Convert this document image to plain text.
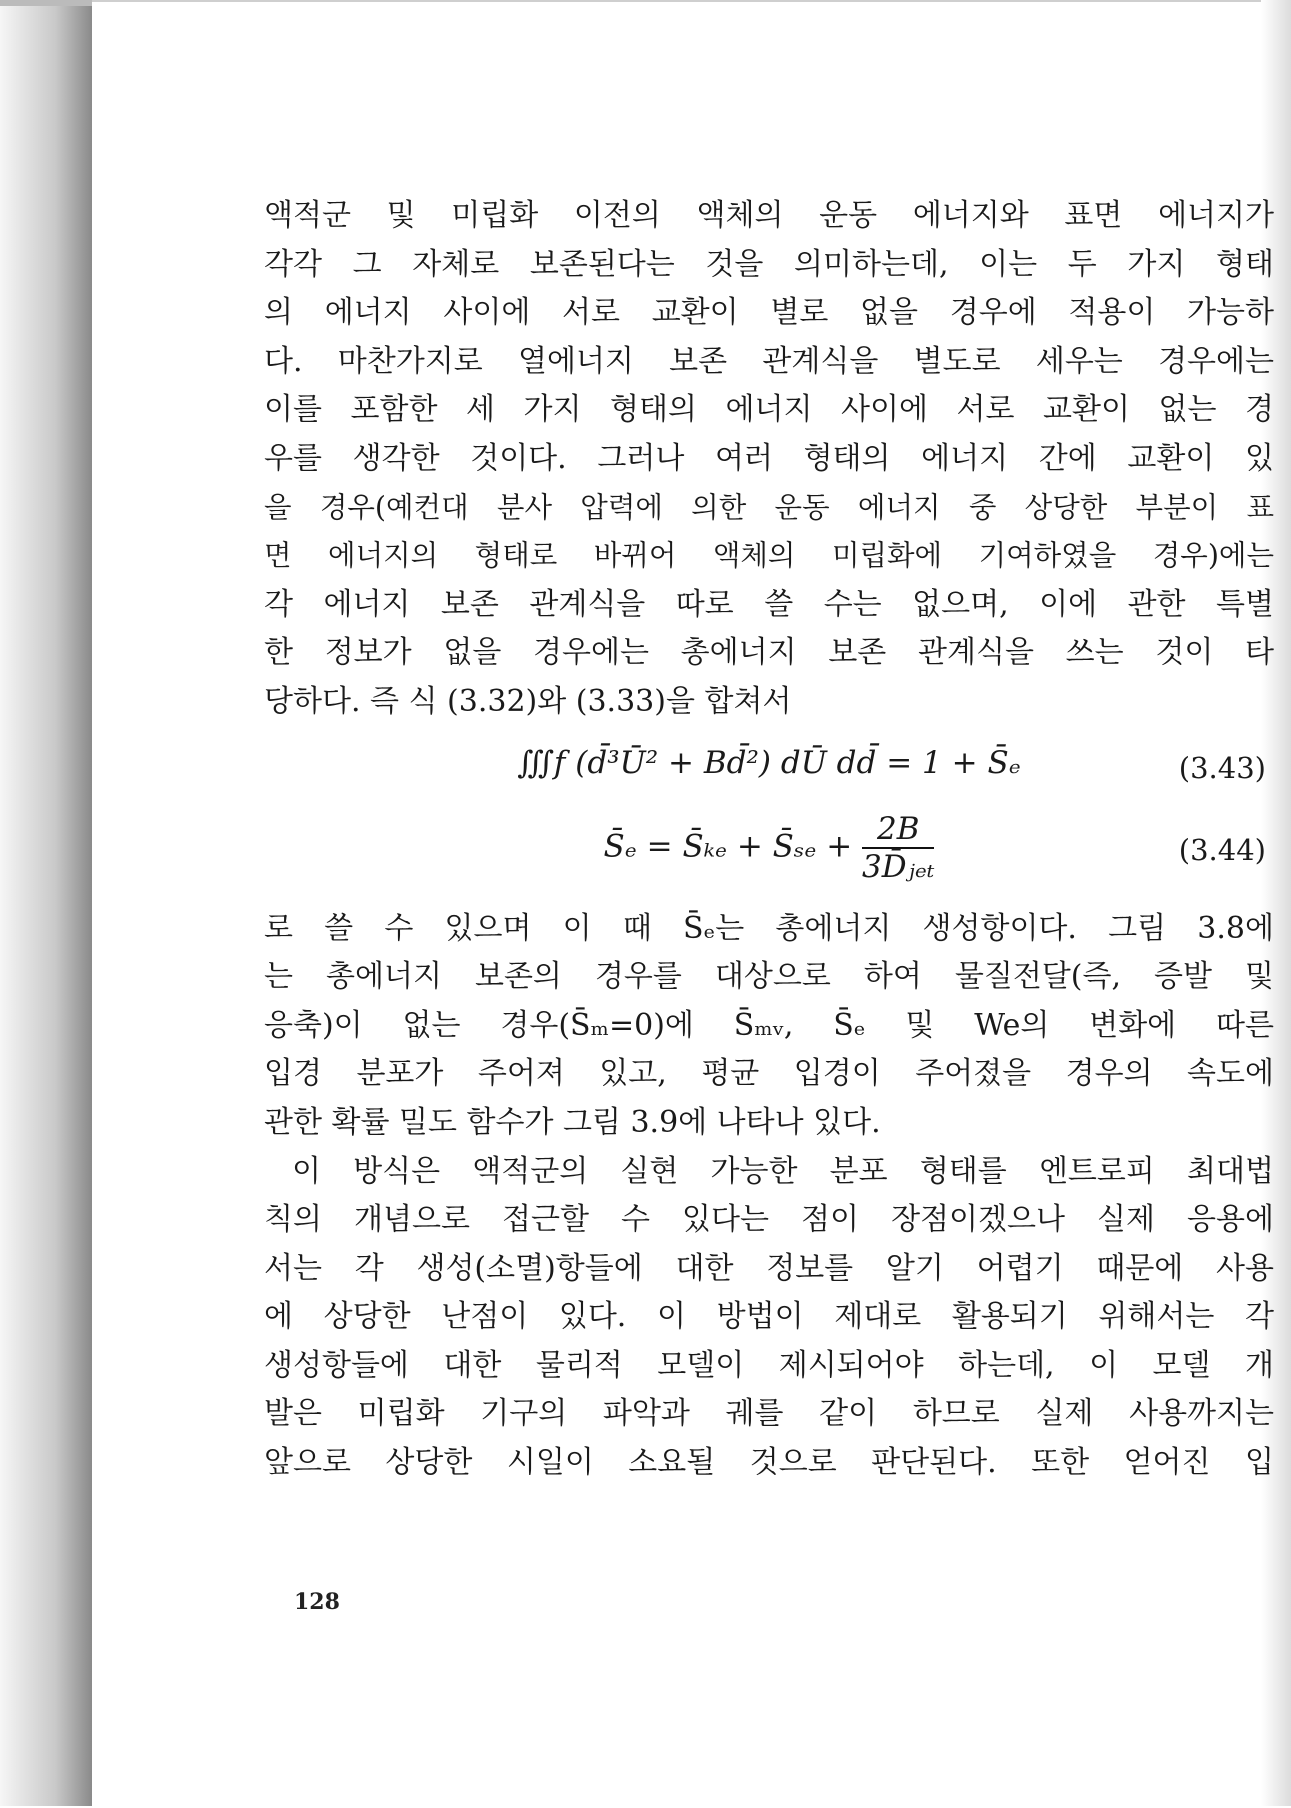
액적군 및 미립화 이전의 액체의 운동 에너지와 표면 에너지가
각각 그 자체로 보존된다는 것을 의미하는데, 이는 두 가지 형태
의 에너지 사이에 서로 교환이 별로 없을 경우에 적용이 가능하
다. 마찬가지로 열에너지 보존 관계식을 별도로 세우는 경우에는
이를 포함한 세 가지 형태의 에너지 사이에 서로 교환이 없는 경
우를 생각한 것이다. 그러나 여러 형태의 에너지 간에 교환이 있
을 경우(예컨대 분사 압력에 의한 운동 에너지 중 상당한 부분이 표
면 에너지의 형태로 바뀌어 액체의 미립화에 기여하였을 경우)에는
각 에너지 보존 관계식을 따로 쓸 수는 없으며, 이에 관한 특별
한 정보가 없을 경우에는 총에너지 보존 관계식을 쓰는 것이 타
당하다. 즉 식 (3.32)와 (3.33)을 합쳐서
∭f (d̄³Ū² + Bd̄²) dŪ dd̄ = 1 + S̄ₑ	(3.43)
S̄ₑ = S̄ₖₑ + S̄ₛₑ + $\frac{2B}{\text{3D̄ⱼₑₜ}}$	(3.44)
로 쓸 수 있으며 이 때 S̄ₑ는 총에너지 생성항이다. 그림 3.8에
는 총에너지 보존의 경우를 대상으로 하여 물질전달(즉, 증발 및
응축)이 없는 경우(S̄ₘ=0)에 S̄ₘᵥ, S̄ₑ 및 We의 변화에 따른
입경 분포가 주어져 있고, 평균 입경이 주어졌을 경우의 속도에
관한 확률 밀도 함수가 그림 3.9에 나타나 있다.
이 방식은 액적군의 실현 가능한 분포 형태를 엔트로피 최대법
칙의 개념으로 접근할 수 있다는 점이 장점이겠으나 실제 응용에
서는 각 생성(소멸)항들에 대한 정보를 알기 어렵기 때문에 사용
에 상당한 난점이 있다. 이 방법이 제대로 활용되기 위해서는 각
생성항들에 대한 물리적 모델이 제시되어야 하는데, 이 모델 개
발은 미립화 기구의 파악과 궤를 같이 하므로 실제 사용까지는
앞으로 상당한 시일이 소요될 것으로 판단된다. 또한 얻어진 입
128
